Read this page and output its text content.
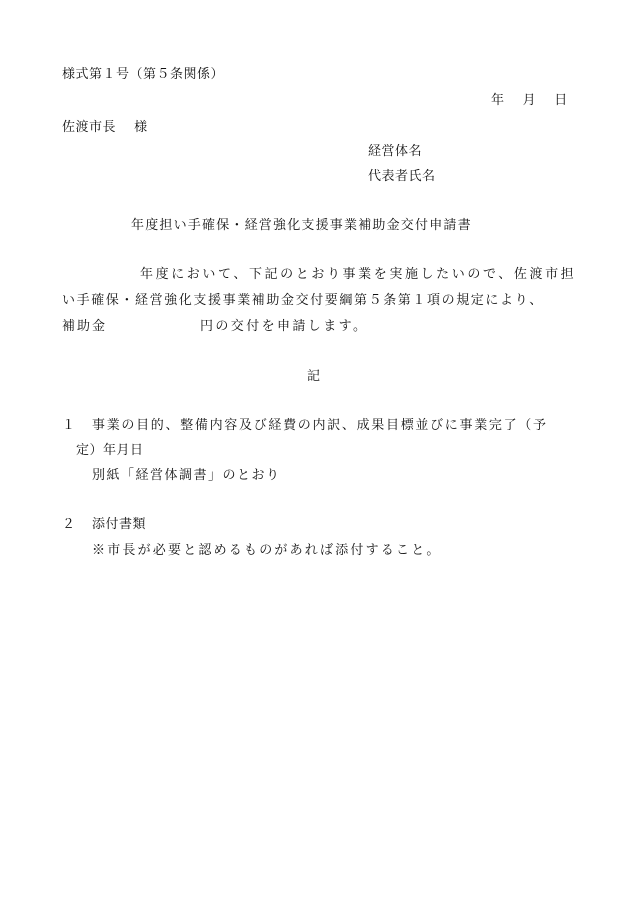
様式第１号（第５条関係）
年　 月　 日
佐渡市長　 様
経営体名
代表者氏名
年度担い手確保・経営強化支援事業補助金交付申請書
年度において、下記のとおり事業を実施したいので、佐渡市担
い手確保・経営強化支援事業補助金交付要綱第５条第１項の規定により、
補助金	円の交付を申請します。
記
１ 事業の目的、整備内容及び経費の内訳、成果目標並びに事業完了（予
定）年月日
別紙「経営体調書」のとおり
２ 添付書類
※市長が必要と認めるものがあれば添付すること。
